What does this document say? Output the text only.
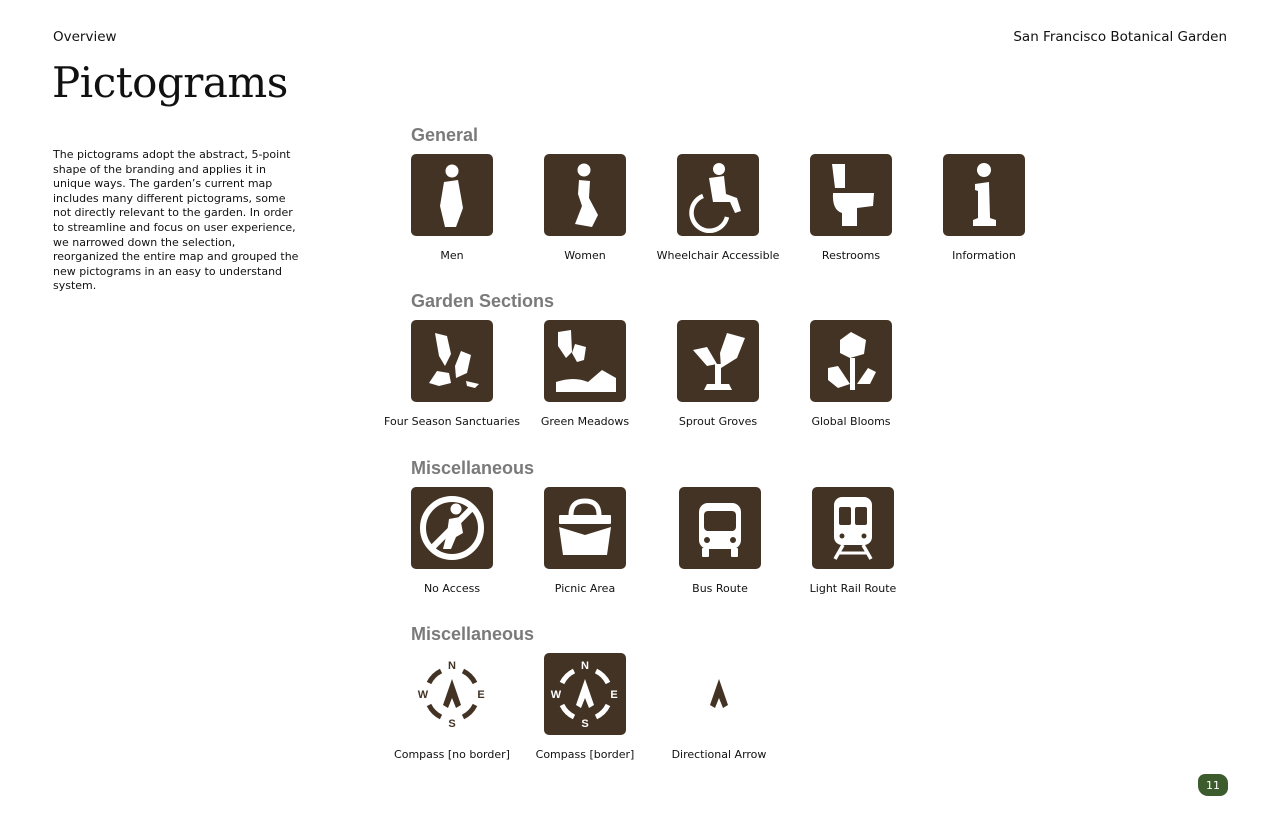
Overview	San Francisco Botanical Garden
Pictograms

The pictograms adopt the abstract, 5-point shape of the branding and applies it in unique ways. The garden’s current map includes many different pictograms, some not directly relevant to the garden. In order to streamline and focus on user experience, we narrowed down the selection, reorganized the entire map and grouped the new pictograms in an easy to understand system.

General
Men	Women	Wheelchair Accessible	Restrooms	Information
Garden Sections
Four Season Sanctuaries	Green Meadows	Sprout Groves	Global Blooms
Miscellaneous
No Access	Picnic Area	Bus Route	Light Rail Route
Miscellaneous
N
S
W	E
Compass [no border]
N
S
W	E
Compass [border]	Directional Arrow
11
